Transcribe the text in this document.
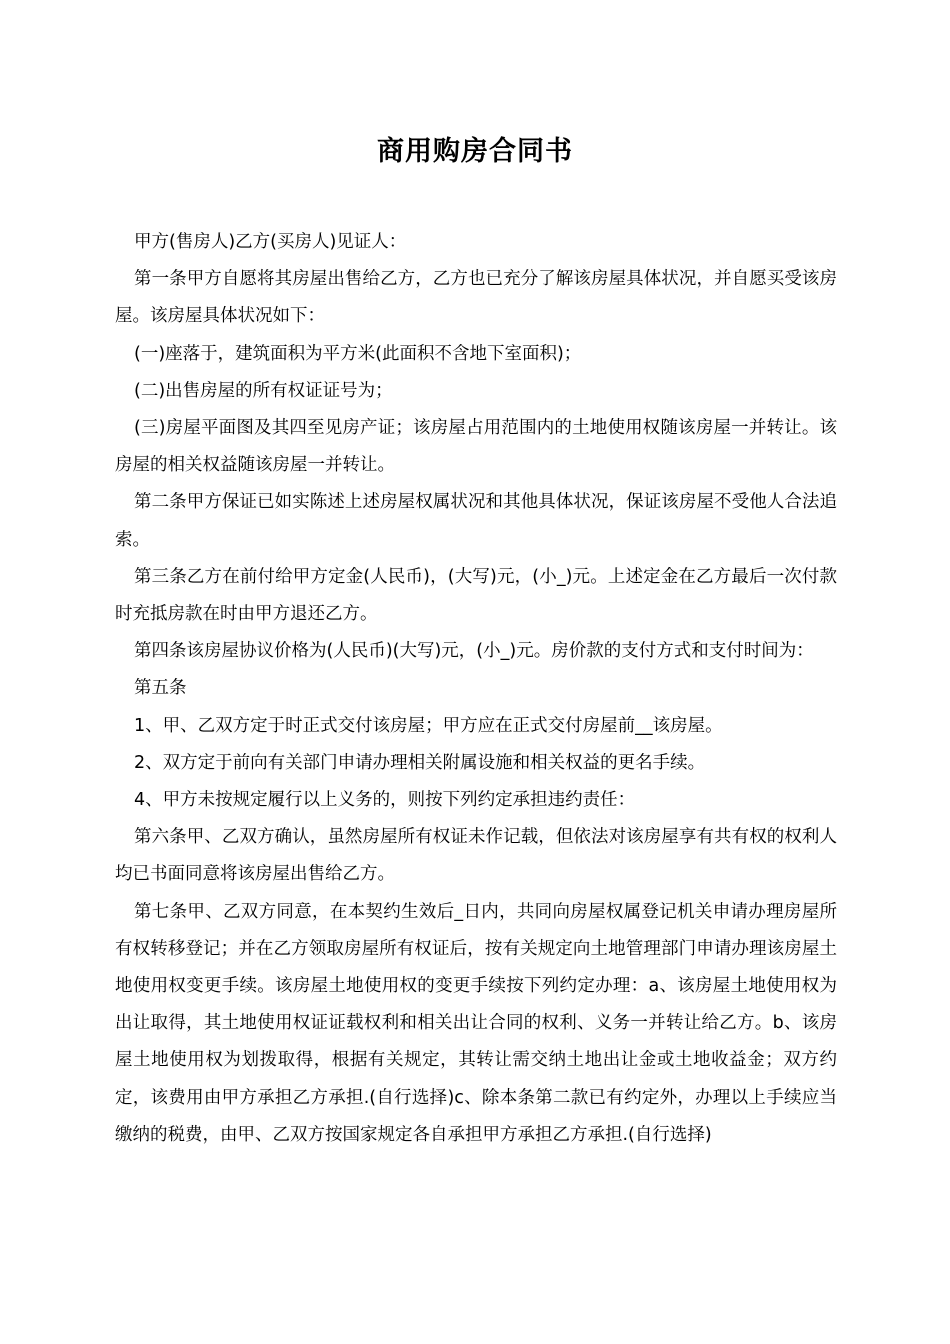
商用购房合同书

甲方(售房人)乙方(买房人)见证人：

第一条甲方自愿将其房屋出售给乙方，乙方也已充分了解该房屋具体状况，并自愿买受该房屋。该房屋具体状况如下：

(一)座落于，建筑面积为平方米(此面积不含地下室面积)；

(二)出售房屋的所有权证证号为；

(三)房屋平面图及其四至见房产证；该房屋占用范围内的土地使用权随该房屋一并转让。该房屋的相关权益随该房屋一并转让。

第二条甲方保证已如实陈述上述房屋权属状况和其他具体状况，保证该房屋不受他人合法追索。

第三条乙方在前付给甲方定金(人民币)，(大写)元，(小_)元。上述定金在乙方最后一次付款时充抵房款在时由甲方退还乙方。

第四条该房屋协议价格为(人民币)(大写)元，(小_)元。房价款的支付方式和支付时间为：

第五条

1、甲、乙双方定于时正式交付该房屋；甲方应在正式交付房屋前__该房屋。

2、双方定于前向有关部门申请办理相关附属设施和相关权益的更名手续。

4、甲方未按规定履行以上义务的，则按下列约定承担违约责任：

第六条甲、乙双方确认，虽然房屋所有权证未作记载，但依法对该房屋享有共有权的权利人均已书面同意将该房屋出售给乙方。

第七条甲、乙双方同意，在本契约生效后_日内，共同向房屋权属登记机关申请办理房屋所有权转移登记；并在乙方领取房屋所有权证后，按有关规定向土地管理部门申请办理该房屋土地使用权变更手续。该房屋土地使用权的变更手续按下列约定办理：a、该房屋土地使用权为出让取得，其土地使用权证证载权利和相关出让合同的权利、义务一并转让给乙方。b、该房屋土地使用权为划拨取得，根据有关规定，其转让需交纳土地出让金或土地收益金；双方约定，该费用由甲方承担乙方承担.(自行选择)c、除本条第二款已有约定外，办理以上手续应当缴纳的税费，由甲、乙双方按国家规定各自承担甲方承担乙方承担.(自行选择)
